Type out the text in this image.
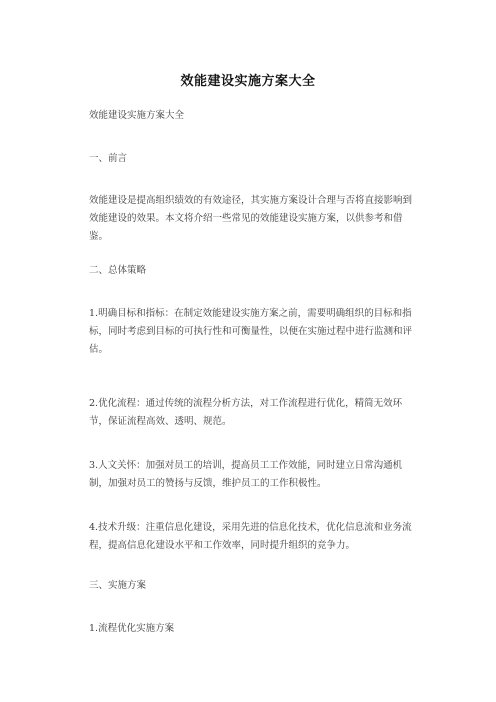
效能建设实施方案大全

效能建设实施方案大全

一、前言

效能建设是提高组织绩效的有效途径，其实施方案设计合理与否将直接影响到效能建设的效果。本文将介绍一些常见的效能建设实施方案，以供参考和借鉴。

二、总体策略

1.明确目标和指标：在制定效能建设实施方案之前，需要明确组织的目标和指标，同时考虑到目标的可执行性和可衡量性，以便在实施过程中进行监测和评估。

2.优化流程：通过传统的流程分析方法，对工作流程进行优化，精简无效环节，保证流程高效、透明、规范。

3.人文关怀：加强对员工的培训，提高员工工作效能，同时建立日常沟通机制，加强对员工的赞扬与反馈，维护员工的工作积极性。

4.技术升级：注重信息化建设，采用先进的信息化技术，优化信息流和业务流程，提高信息化建设水平和工作效率，同时提升组织的竞争力。

三、实施方案

1.流程优化实施方案
